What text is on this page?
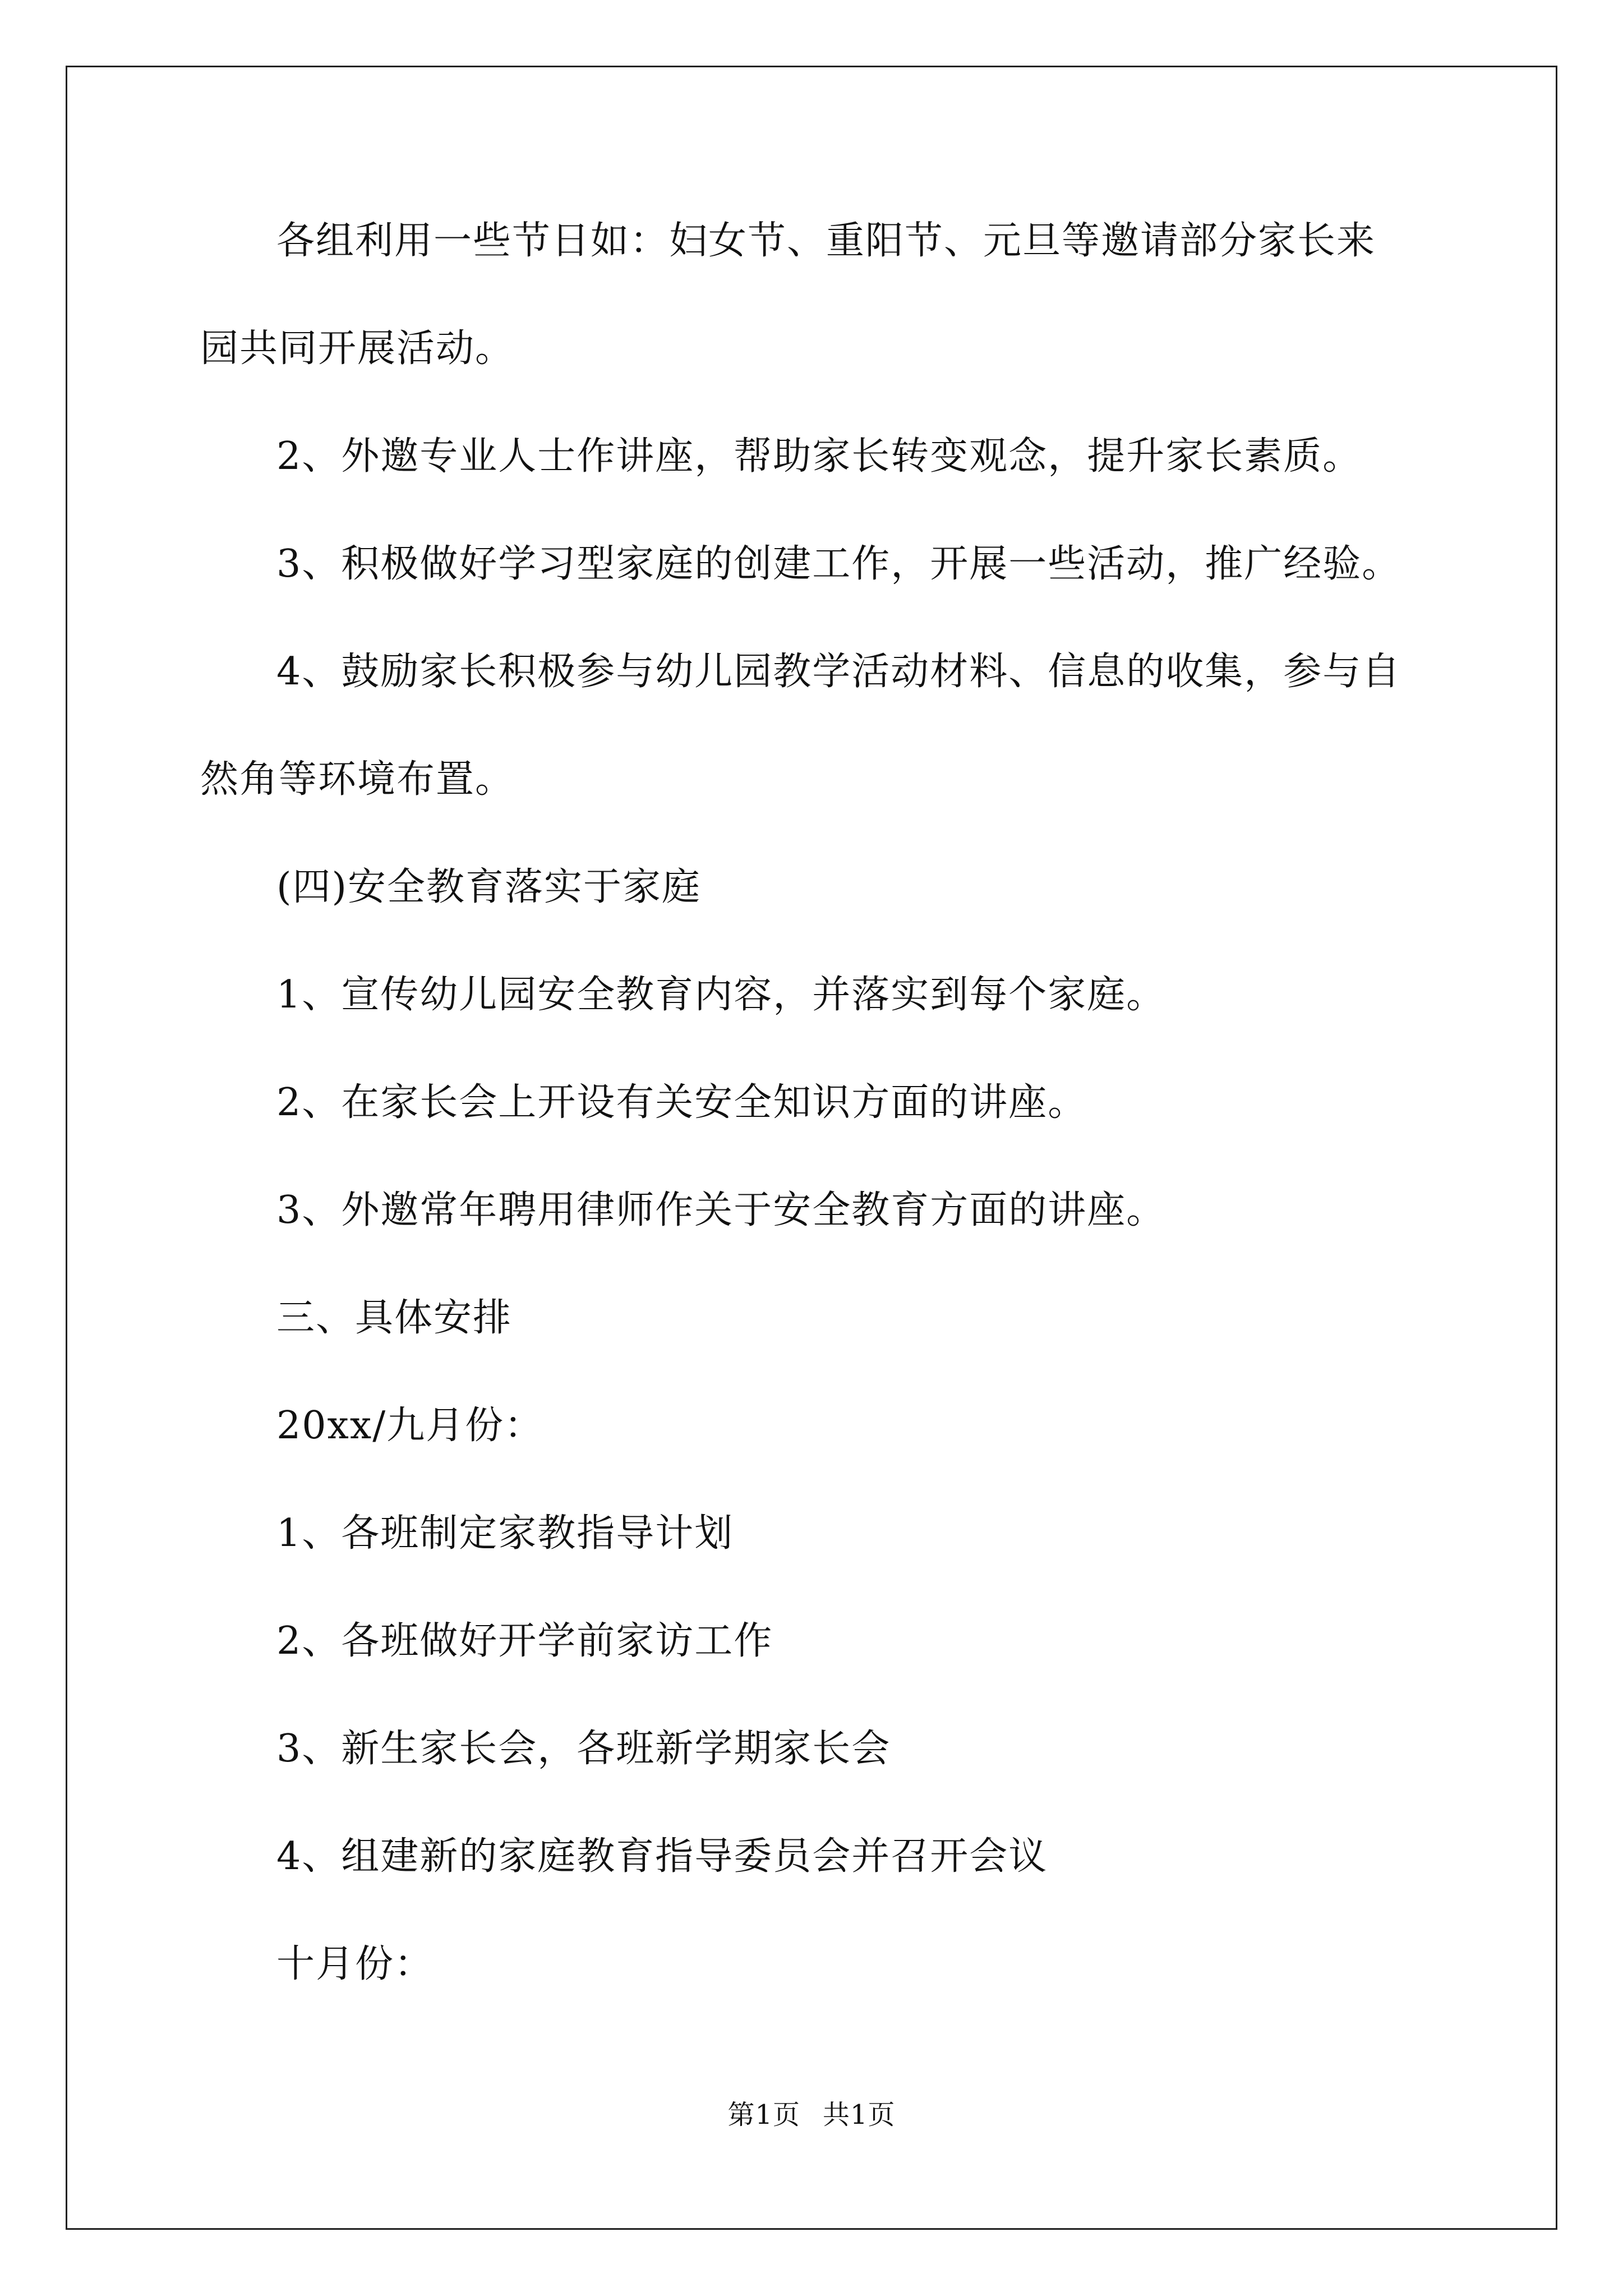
各组利用一些节日如：妇女节、重阳节、元旦等邀请部分家长来

园共同开展活动。

2、外邀专业人士作讲座，帮助家长转变观念，提升家长素质。

3、积极做好学习型家庭的创建工作，开展一些活动，推广经验。

4、鼓励家长积极参与幼儿园教学活动材料、信息的收集，参与自

然角等环境布置。

(四)安全教育落实于家庭

1、宣传幼儿园安全教育内容，并落实到每个家庭。

2、在家长会上开设有关安全知识方面的讲座。

3、外邀常年聘用律师作关于安全教育方面的讲座。

三、具体安排

20xx/九月份：

1、各班制定家教指导计划

2、各班做好开学前家访工作

3、新生家长会，各班新学期家长会

4、组建新的家庭教育指导委员会并召开会议

十月份：

第1页 共1页
